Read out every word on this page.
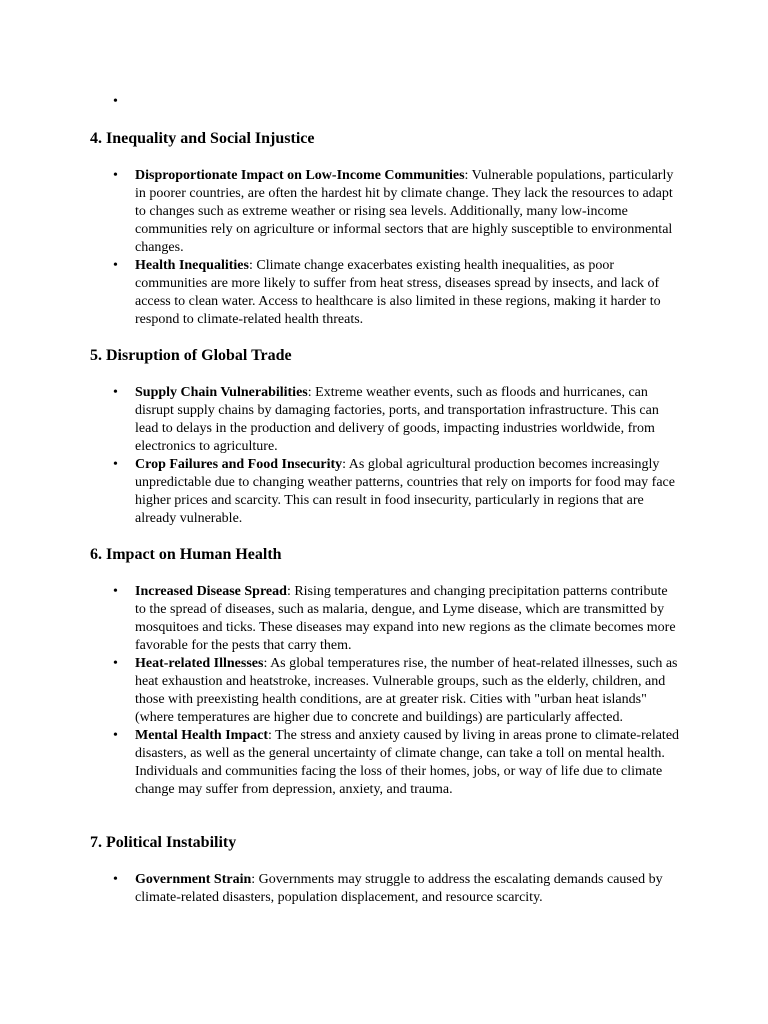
•
4. Inequality and Social Injustice
• Disproportionate Impact on Low-Income Communities: Vulnerable populations, particularly in poorer countries, are often the hardest hit by climate change. They lack the resources to adapt to changes such as extreme weather or rising sea levels. Additionally, many low-income communities rely on agriculture or informal sectors that are highly susceptible to environmental changes.
• Health Inequalities: Climate change exacerbates existing health inequalities, as poor communities are more likely to suffer from heat stress, diseases spread by insects, and lack of access to clean water. Access to healthcare is also limited in these regions, making it harder to respond to climate-related health threats.
5. Disruption of Global Trade
• Supply Chain Vulnerabilities: Extreme weather events, such as floods and hurricanes, can disrupt supply chains by damaging factories, ports, and transportation infrastructure. This can lead to delays in the production and delivery of goods, impacting industries worldwide, from electronics to agriculture.
• Crop Failures and Food Insecurity: As global agricultural production becomes increasingly unpredictable due to changing weather patterns, countries that rely on imports for food may face higher prices and scarcity. This can result in food insecurity, particularly in regions that are already vulnerable.
6. Impact on Human Health
• Increased Disease Spread: Rising temperatures and changing precipitation patterns contribute to the spread of diseases, such as malaria, dengue, and Lyme disease, which are transmitted by mosquitoes and ticks. These diseases may expand into new regions as the climate becomes more favorable for the pests that carry them.
• Heat-related Illnesses: As global temperatures rise, the number of heat-related illnesses, such as heat exhaustion and heatstroke, increases. Vulnerable groups, such as the elderly, children, and those with preexisting health conditions, are at greater risk. Cities with "urban heat islands" (where temperatures are higher due to concrete and buildings) are particularly affected.
• Mental Health Impact: The stress and anxiety caused by living in areas prone to climate-related disasters, as well as the general uncertainty of climate change, can take a toll on mental health. Individuals and communities facing the loss of their homes, jobs, or way of life due to climate change may suffer from depression, anxiety, and trauma.
7. Political Instability
• Government Strain: Governments may struggle to address the escalating demands caused by climate-related disasters, population displacement, and resource scarcity.
